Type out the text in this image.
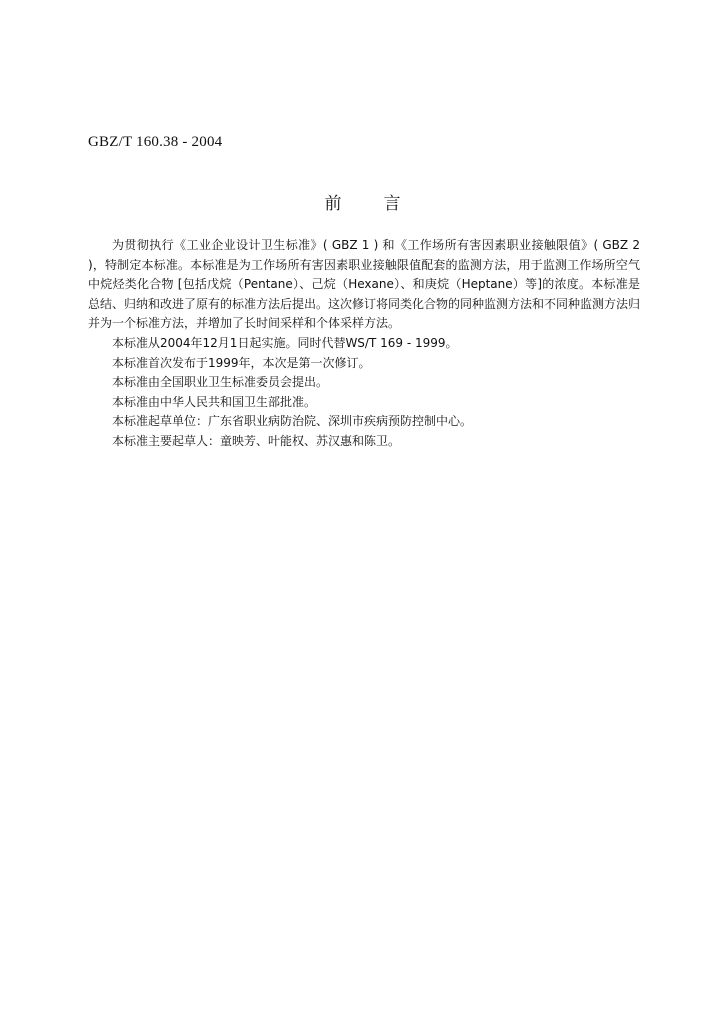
GBZ/T 160.38 - 2004
前 言

为贯彻执行《工业企业设计卫生标准》( GBZ 1 ) 和《工作场所有害因素职业接触限值》( GBZ 2 )，特制定本标准。本标准是为工作场所有害因素职业接触限值配套的监测方法，用于监测工作场所空气中烷烃类化合物 [包括戊烷（Pentane）、己烷（Hexane）、和庚烷（Heptane）等]的浓度。本标准是总结、归纳和改进了原有的标准方法后提出。这次修订将同类化合物的同种监测方法和不同种监测方法归并为一个标准方法，并增加了长时间采样和个体采样方法。

本标准从2004年12月1日起实施。同时代替WS/T 169 - 1999。

本标准首次发布于1999年，本次是第一次修订。

本标准由全国职业卫生标准委员会提出。

本标准由中华人民共和国卫生部批准。

本标准起草单位：广东省职业病防治院、深圳市疾病预防控制中心。

本标准主要起草人：童映芳、叶能权、苏汉惠和陈卫。
